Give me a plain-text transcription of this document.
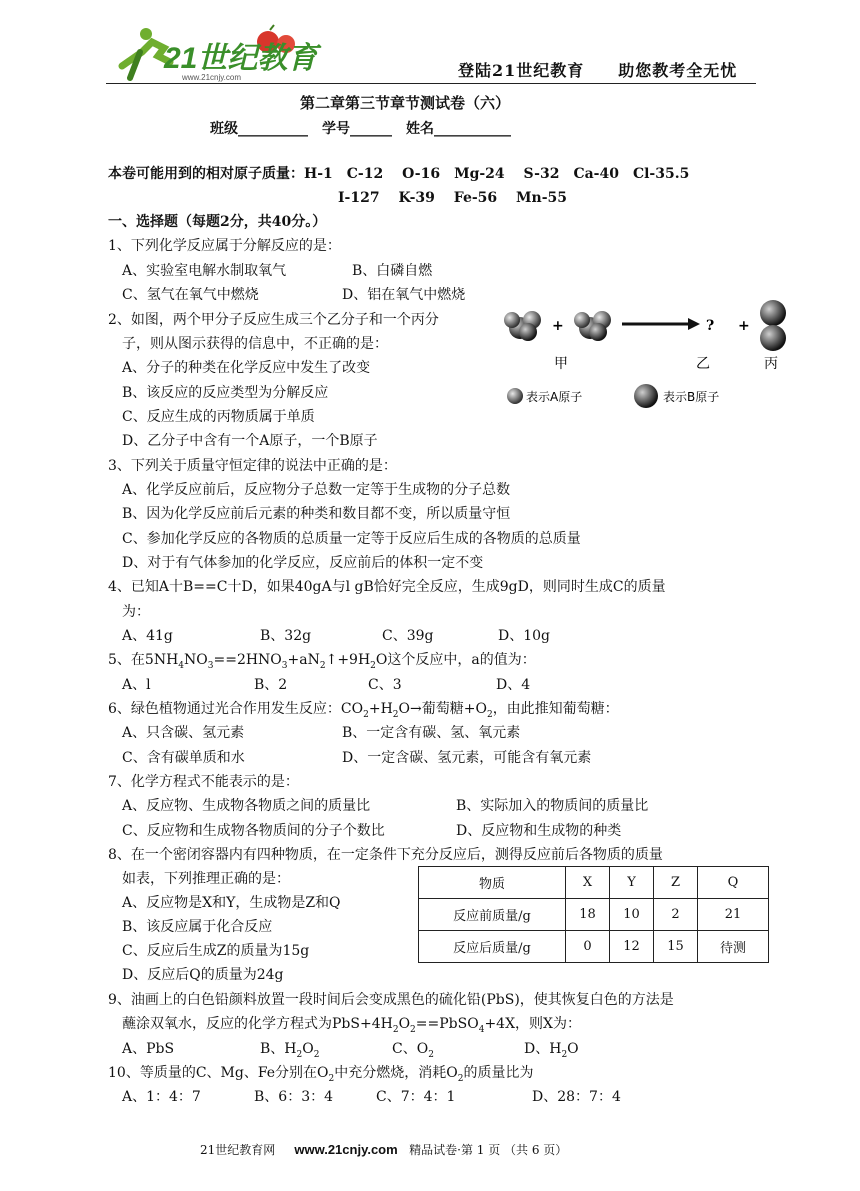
21世纪教育
www.21cnjy.com	登陆21世纪教育　　助您教考全无忧
第二章第三节章节测试卷（六）
班级__________　学号______　姓名___________
本卷可能用到的相对原子质量：H-1　C-12　 O-16　Mg-24　 S-32　Ca-40　Cl-35.5
I-127　 K-39　 Fe-56　 Mn-55
一、选择题（每题2分，共40分。）
1、下列化学反应属于分解反应的是：
A、实验室电解水制取氧气	B、白磷自燃
C、氢气在氧气中燃烧	D、铝在氧气中燃烧
2、如图，两个甲分子反应生成三个乙分子和一个丙分
子，则从图示获得的信息中，不正确的是：
A、分子的种类在化学反应中发生了改变
B、该反应的反应类型为分解反应
C、反应生成的丙物质属于单质
D、乙分子中含有一个A原子，一个B原子
+	? +
甲	乙	丙
表示A原子	表示B原子
3、下列关于质量守恒定律的说法中正确的是：
A、化学反应前后，反应物分子总数一定等于生成物的分子总数
B、因为化学反应前后元素的种类和数目都不变，所以质量守恒
C、参加化学反应的各物质的总质量一定等于反应后生成的各物质的总质量
D、对于有气体参加的化学反应，反应前后的体积一定不变
4、已知A十B==C十D，如果40gA与l gB恰好完全反应，生成9gD，则同时生成C的质量
为：
A、41g	B、32g	C、39g	D、10g
5、在$5NH_4NO_3==2HNO_3+aN_2↑+9H_2O$这个反应中，a的值为：
A、l	B、2	C、3	D、4
6、绿色植物通过光合作用发生反应：$CO_2+H_2O\to$葡萄糖$+O_2$，由此推知葡萄糖：
A、只含碳、氢元素	B、一定含有碳、氢、氧元素
C、含有碳单质和水	D、一定含碳、氢元素，可能含有氧元素
7、化学方程式不能表示的是：
A、反应物、生成物各物质之间的质量比	B、实际加入的物质间的质量比
C、反应物和生成物各物质间的分子个数比	D、反应物和生成物的种类
8、在一个密闭容器内有四种物质，在一定条件下充分反应后，测得反应前后各物质的质量
如表，下列推理正确的是：
A、反应物是X和Y，生成物是Z和Q
B、该反应属于化合反应
C、反应后生成Z的质量为15g
D、反应后Q的质量为24g
物质	X	Y	Z	Q
反应前质量/g	18	10	2	21
反应后质量/g	0	12	15	待测
9、油画上的白色铅颜料放置一段时间后会变成黑色的硫化铅(PbS)，使其恢复白色的方法是
蘸涂双氧水，反应的化学方程式为$PbS+4H_2O_2==PbSO_4+4X$，则X为：
A、PbS	B、$H_2O_2$	C、$O_2$	D、$H_2O$
10、等质量的C、Mg、Fe分别在$O_2$中充分燃烧，消耗$O_2$的质量比为
A、1：4：7	B、6：3：4	C、7：4：1	D、28：7：4
21世纪教育网 www.21cnjy.com 精品试卷·第 1 页 （共 6 页）
